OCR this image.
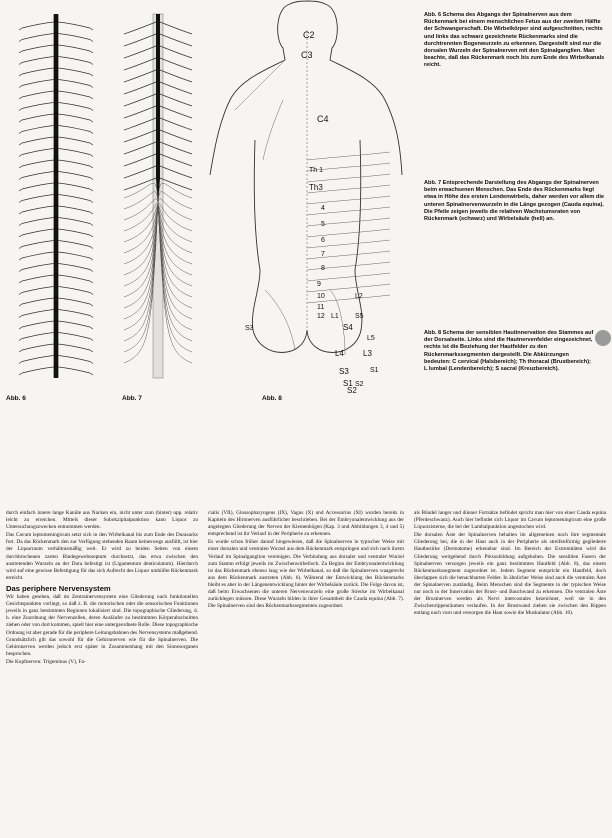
Abb. 6	Abb. 7
C2
C3
C4
Th 1
Th3
4
5
6
7
8
9
10
11
12 L1
L2
S3	S4
S5
L3
L4
L5
S1
S2
S1
S2
S3
Abb. 8
Abb. 6 Schema des Abgangs der Spinalnerven aus dem Rückenmark bei einem menschlichen Fetus aus der zweiten Hälfte der Schwangerschaft. Die Wirbelkörper sind aufgeschnitten, rechts und links das schwarz gezeichnete Rückenmarks sind die durchtrennten Bogenwurzeln zu erkennen. Dargestellt sind nur die dorsalen Wurzeln der Spinalnerven mit den Spinalganglien. Man beachte, daß das Rückenmark noch bis zum Ende des Wirbelkanals reicht.
Abb. 7 Entsprechende Darstellung des Abgangs der Spinalnerven beim erwachsenen Menschen. Das Ende des Rückenmarks liegt etwa in Höhe des ersten Lendenwirbels, daher werden vor allem die unteren Spinalnervenwurzeln in die Länge gezogen (Cauda equina). Die Pfeile zeigen jeweils die relativen Wachstumsraten von Rückenmark (schwarz) und Wirbelsäule (hell) an.
Abb. 8 Schema der sensiblen Hautinnervation des Stammes auf der Dorsalseite. Links sind die Hautnervenfelder eingezeichnet, rechts ist die Beziehung der Hautfelder zu den Rückenmarkssegmenten dargestellt. Die Abkürzungen bedeuten: C cervical (Halsbereich); Th thoracal (Brustbereich); L lumbal (Lendenbereich); S sacral (Kreuzbereich).

durch einfach innere lange Kanüle aus Nacken ein, nicht unter zum (hinter) upp. relativ leicht zu erreichen. Mittels dieser Subokzipitalpunktion kann Liquor zu Untersuchungszwecken entnommen werden.

Das Cavum leptomeningicum setzt sich in den Wirbelkanal bis zum Ende des Durasacks fort. Da das Rückenmark den zur Verfügung stehenden Raum keineswegs ausfüllt, ist hier der Liquorraum verhältnismäßig weit. Er wird zu beiden Seiten von einem durchbrochenen zarten Bindegewebsseptum durchsetzt, das etwa zwischen den austretenden Wurzeln an der Dura befestigt ist (Ligamentum denticulatum). Hierdurch wird auf eine gewisse Befestigung für das sich Aufrecht des Liquor umhüllte Rückenmark erreicht.

Das periphere Nervensystem

Wir haben gesehen, daß im Zentralnervensystem eine Gliederung nach funktionellen Gesichtspunkten vorliegt, so daß z. B. die motorischen oder die sensorischen Funktionen jeweils in ganz bestimmten Regionen lokalisiert sind. Die topographische Gliederung, d. h. eine Zuordnung der Nervenzellen, deren Ausläufer zu bestimmten Körperabschnitten ziehen oder von dort kommen, spielt hier eine untergeordnete Rolle. Diese topographische Ordnung ist aber gerade für die periphere Leitungsbahnen des Nervensystems maßgebend. Grundsätzlich gilt das sowohl für die Gehirnnerven wie für die Spinalnerven. Die Gehirnnerven werden jedoch erst später in Zusammenhang mit den Sinnesorganen besprochen.

Die Kopfnerven: Trigeminus (V), Fa-

cialis (VII), Glossopharyngeus (IX), Vagus (X) und Accessorius (XI) wurden bereits in Kapiteln des Hirnnerven ausführlicher beschrieben. Bei der Embryonalentwicklung aus der angelegten Gliederung der Nerven der Kiemenbögen (Kap. 3 und Abbildungen 3, 4 und 5) entsprechend ist ihr Verlauf in der Peripherie zu erkennen.

Es wurde schon früher darauf hingewiesen, daß die Spinalnerven in typischer Weise mit einer dorsalen und ventralen Wurzel aus dem Rückenmark entspringen und sich nach ihrem Verlauf im Spinalganglion vereinigen. Die Verbindung aus dorsaler und ventraler Wurzel zum Stamm erfolgt jeweils im Zwischenwirbelloch. Zu Beginn der Embryonalentwicklung ist das Rückenmark ebenso lang wie der Wirbelkanal, so daß die Spinalnerven waagerecht aus dem Rückenmark austreten (Abb. 6). Während der Entwicklung des Rückenmarks bleibt es aber in der Längenentwicklung hinter der Wirbelsäule zurück. Die Folge davon ist, daß beim Erwachsenen die unteren Nervenwurzeln eine große Strecke im Wirbelkanal zurücklegen müssen. Diese Wurzeln bilden in ihrer Gesamtheit die Cauda equina (Abb. 7). Die Spinalnerven sind den Rückenmarkssegmenten zugeordnet.

als Bündel langer und dünner Fortsätze befindet spricht man hier von einer Cauda equina (Pferdeschwanz). Auch hier befindet sich Liquor im Cavum leptomeningicum eine große Liquorzisterne, die bei der Lumbalpunktion angestochen wird.

Die dorsalen Äste der Spinalnerven behalten im allgemeinen noch ihre segmentale Gliederung bei, die in der Haut auch in der Peripherie als streifenförmig gegliederte Hautbezirke (Dermatome) erkennbar sind. Im Bereich der Extremitäten wird die Gliederung weitgehend durch Plexusbildung aufgehoben. Die sensiblen Fasern der Spinalnerven versorgen jeweils ein ganz bestimmtes Hautfeld (Abb. 8), das einem Rückenmarkssegment zugeordnet ist. Jedem Segment entspricht ein Hautfeld, doch überlappen sich die benachbarten Felder. In ähnlicher Weise sind auch die ventralen Äste der Spinalnerven zuständig. Beim Menschen sind die Segmente in der typischen Weise nur noch in der Innervation der Brust- und Bauchwand zu erkennen. Die ventralen Äste der Brustnerven werden als Nervi intercostales bezeichnet, weil sie in den Zwischenrippenräumen verlaufen. In der Brustwand ziehen sie zwischen den Rippen entlang nach vorn und versorgen die Haut sowie die Muskulatur (Abb. 10).
